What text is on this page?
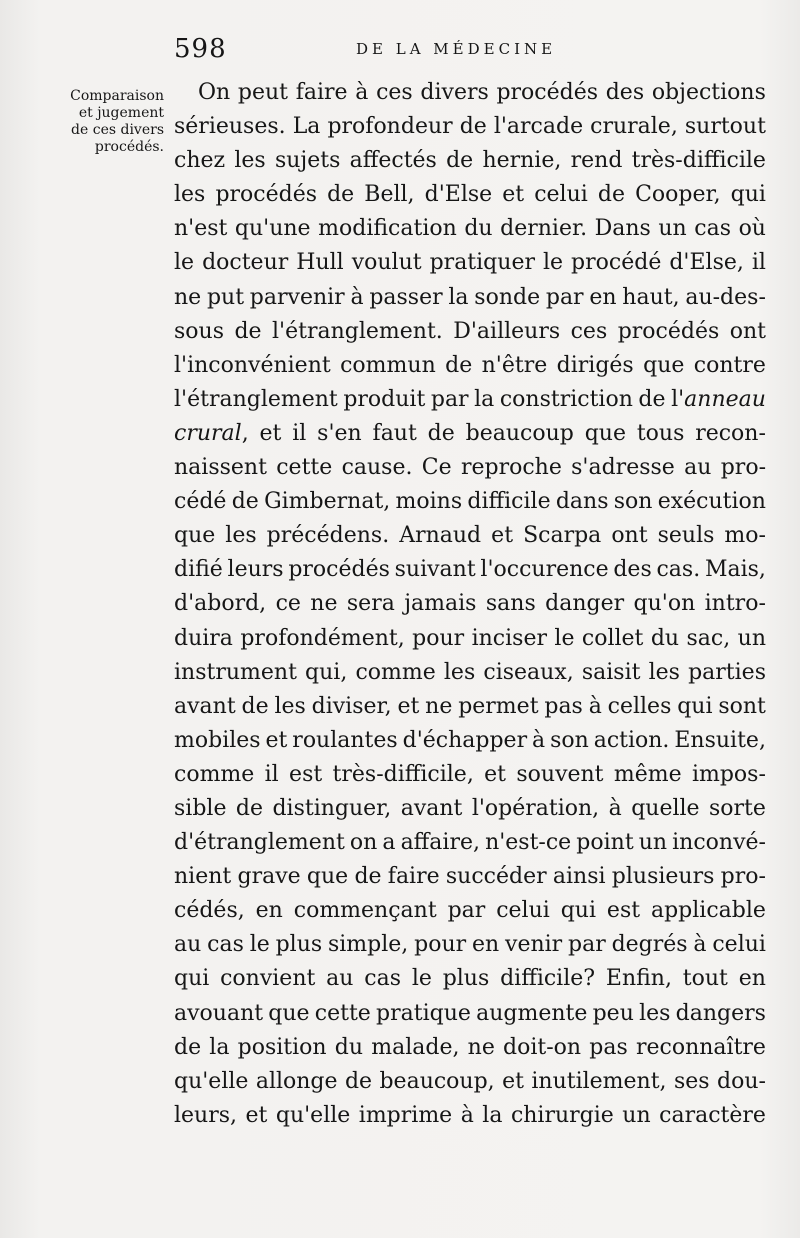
598	DE LA MÉDECINE
Comparaison
et jugement
de ces divers
procédés.
On peut faire à ces divers procédés des objections
sérieuses. La profondeur de l'arcade crurale, surtout
chez les sujets affectés de hernie, rend très-difficile
les procédés de Bell, d'Else et celui de Cooper, qui
n'est qu'une modification du dernier. Dans un cas où
le docteur Hull voulut pratiquer le procédé d'Else, il
ne put parvenir à passer la sonde par en haut, au-des-
sous de l'étranglement. D'ailleurs ces procédés ont
l'inconvénient commun de n'être dirigés que contre
l'étranglement produit par la constriction de l'anneau
crural, et il s'en faut de beaucoup que tous recon-
naissent cette cause. Ce reproche s'adresse au pro-
cédé de Gimbernat, moins difficile dans son exécution
que les précédens. Arnaud et Scarpa ont seuls mo-
difié leurs procédés suivant l'occurence des cas. Mais,
d'abord, ce ne sera jamais sans danger qu'on intro-
duira profondément, pour inciser le collet du sac, un
instrument qui, comme les ciseaux, saisit les parties
avant de les diviser, et ne permet pas à celles qui sont
mobiles et roulantes d'échapper à son action. Ensuite,
comme il est très-difficile, et souvent même impos-
sible de distinguer, avant l'opération, à quelle sorte
d'étranglement on a affaire, n'est-ce point un inconvé-
nient grave que de faire succéder ainsi plusieurs pro-
cédés, en commençant par celui qui est applicable
au cas le plus simple, pour en venir par degrés à celui
qui convient au cas le plus difficile? Enfin, tout en
avouant que cette pratique augmente peu les dangers
de la position du malade, ne doit-on pas reconnaître
qu'elle allonge de beaucoup, et inutilement, ses dou-
leurs, et qu'elle imprime à la chirurgie un caractère
